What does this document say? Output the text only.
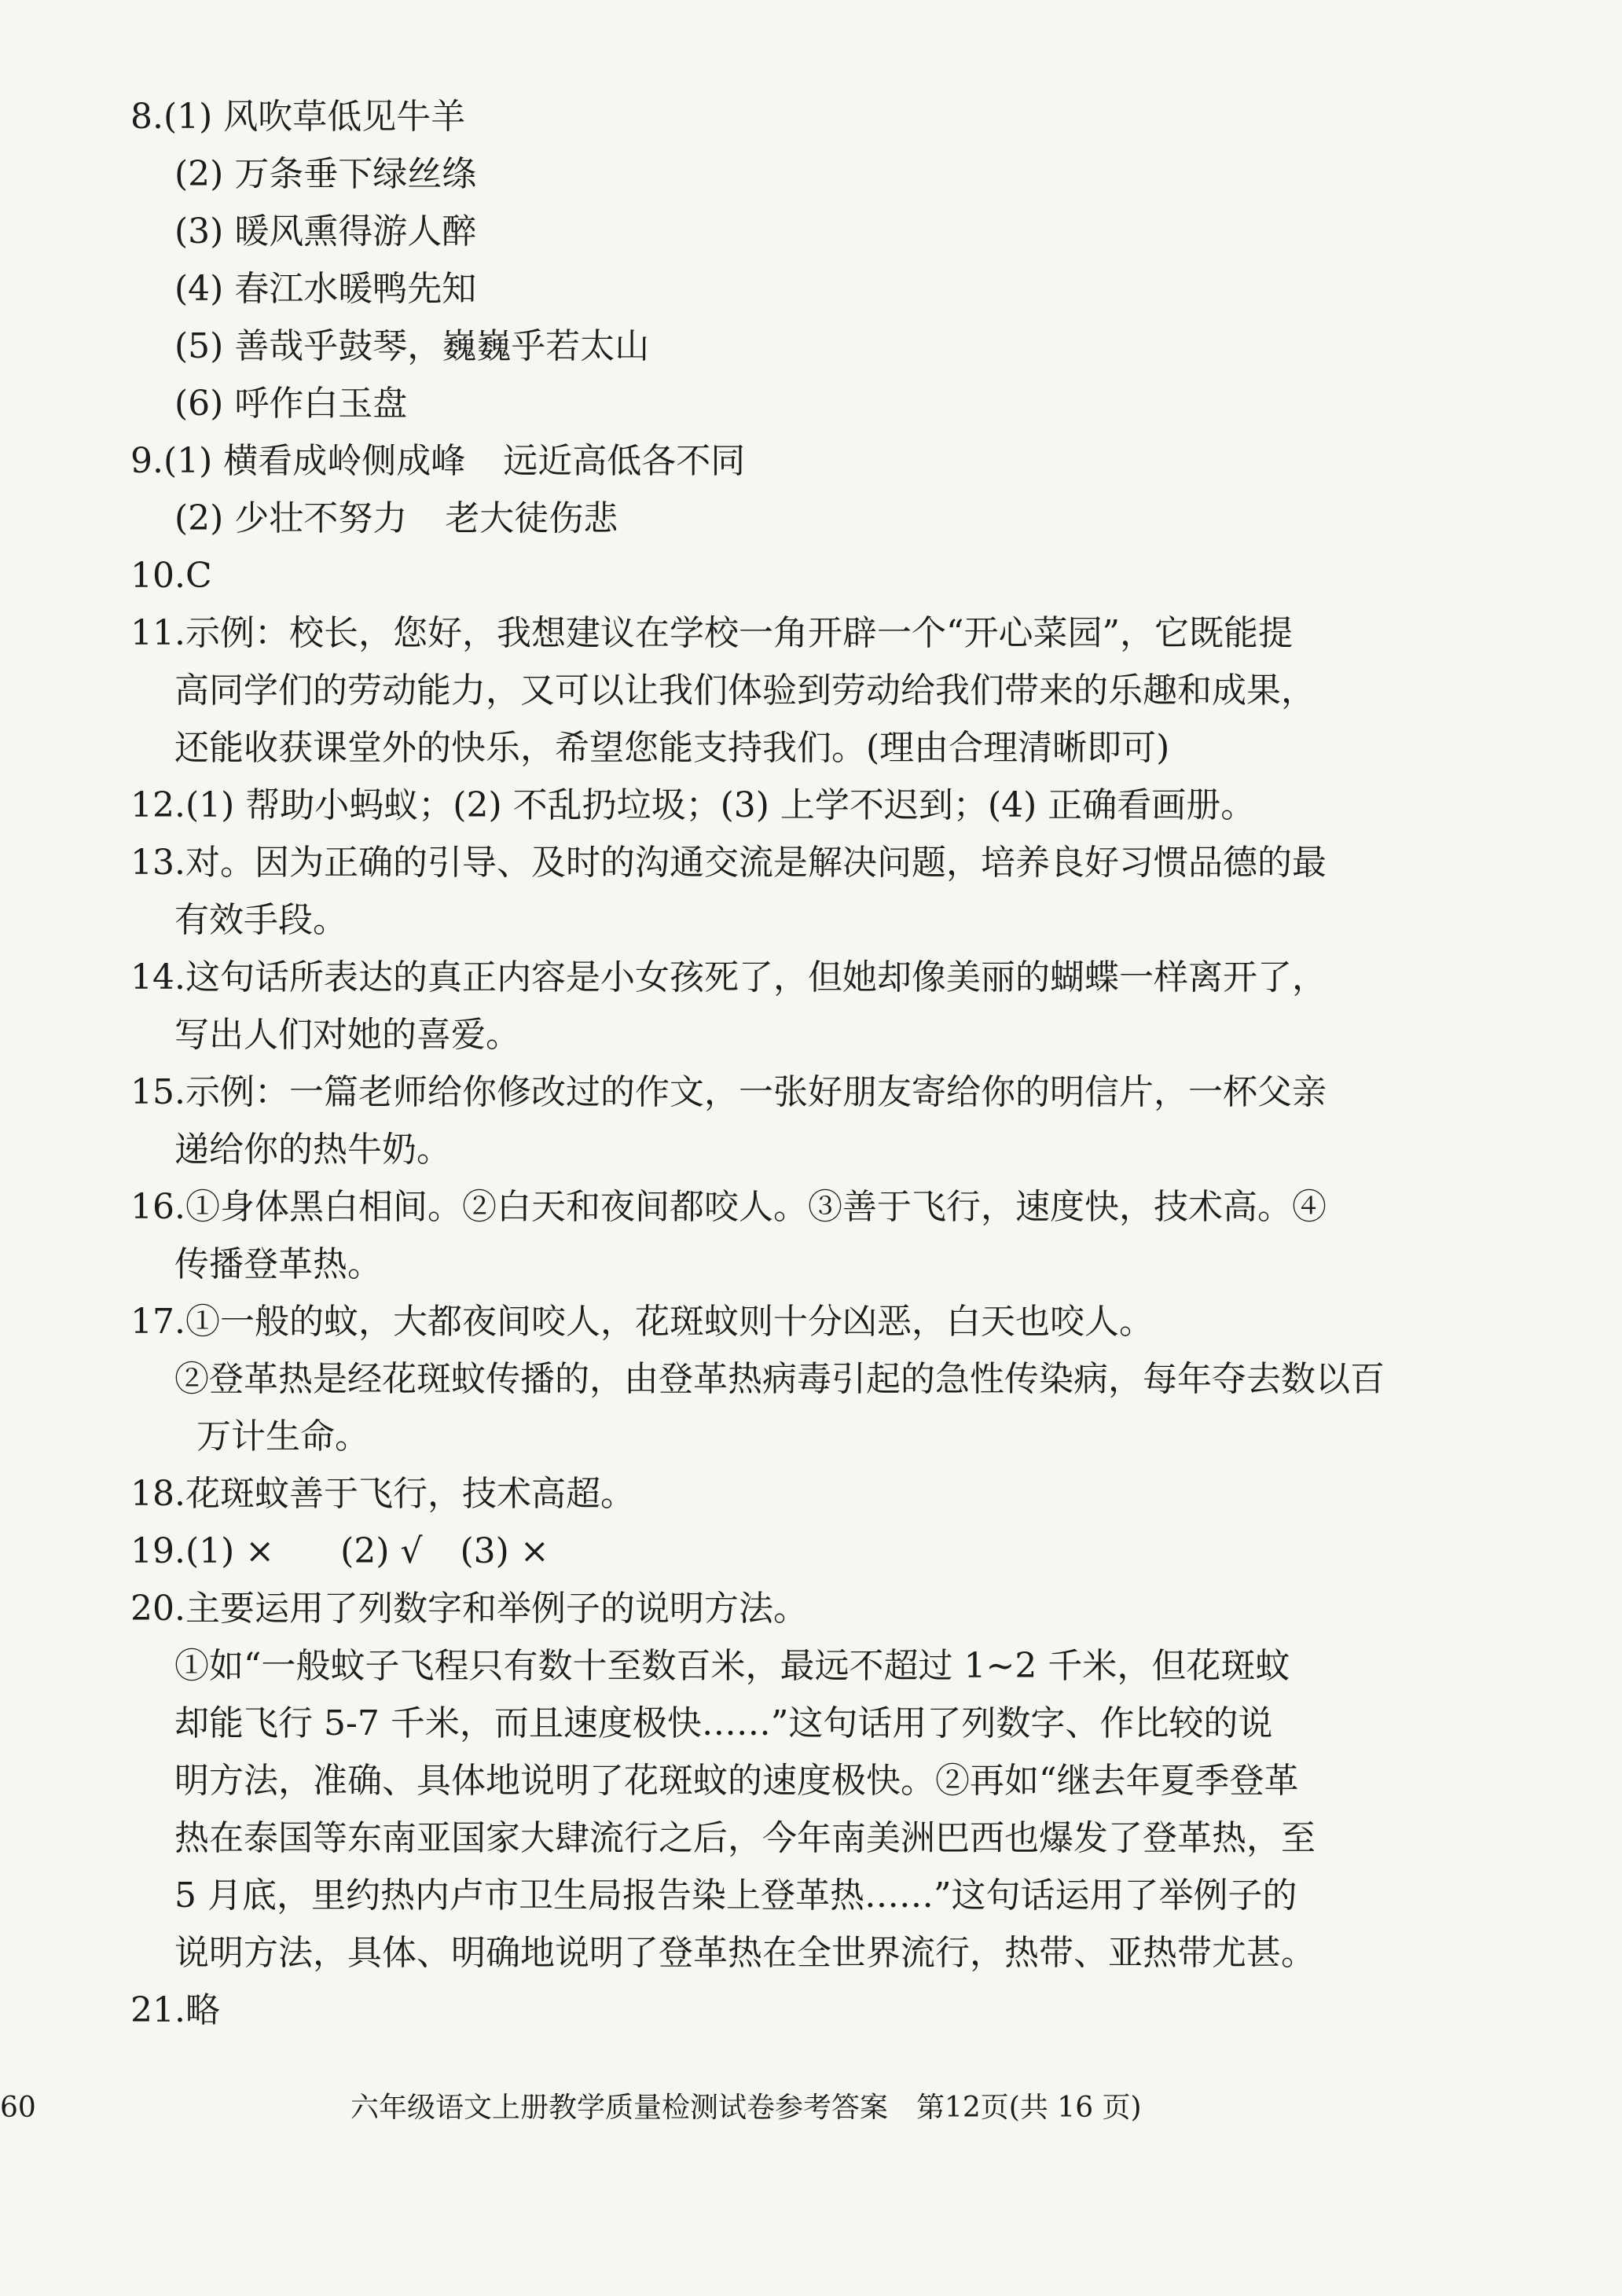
8.(1) 风吹草低见牛羊
(2) 万条垂下绿丝绦
(3) 暖风熏得游人醉
(4) 春江水暖鸭先知
(5) 善哉乎鼓琴，巍巍乎若太山
(6) 呼作白玉盘
9.(1) 横看成岭侧成峰 远近高低各不同
(2) 少壮不努力 老大徒伤悲
10.C
11.示例：校长，您好，我想建议在学校一角开辟一个“开心菜园”，它既能提
高同学们的劳动能力，又可以让我们体验到劳动给我们带来的乐趣和成果，
还能收获课堂外的快乐，希望您能支持我们。(理由合理清晰即可)
12.(1) 帮助小蚂蚁；(2) 不乱扔垃圾；(3) 上学不迟到；(4) 正确看画册。
13.对。因为正确的引导、及时的沟通交流是解决问题，培养良好习惯品德的最
有效手段。
14.这句话所表达的真正内容是小女孩死了，但她却像美丽的蝴蝶一样离开了，
写出人们对她的喜爱。
15.示例：一篇老师给你修改过的作文，一张好朋友寄给你的明信片，一杯父亲
递给你的热牛奶。
16.①身体黑白相间。②白天和夜间都咬人。③善于飞行，速度快，技术高。④
传播登革热。
17.①一般的蚊，大都夜间咬人，花斑蚊则十分凶恶，白天也咬人。
②登革热是经花斑蚊传播的，由登革热病毒引起的急性传染病，每年夺去数以百
万计生命。
18.花斑蚊善于飞行，技术高超。
19.(1) × (2) √ (3) ×
20.主要运用了列数字和举例子的说明方法。
①如“一般蚊子飞程只有数十至数百米，最远不超过 1~2 千米，但花斑蚊
却能飞行 5-7 千米，而且速度极快……”这句话用了列数字、作比较的说
明方法，准确、具体地说明了花斑蚊的速度极快。②再如“继去年夏季登革
热在泰国等东南亚国家大肆流行之后，今年南美洲巴西也爆发了登革热，至
5 月底，里约热内卢市卫生局报告染上登革热……”这句话运用了举例子的
说明方法，具体、明确地说明了登革热在全世界流行，热带、亚热带尤甚。
21.略
60	六年级语文上册教学质量检测试卷参考答案　第12页(共 16 页)
